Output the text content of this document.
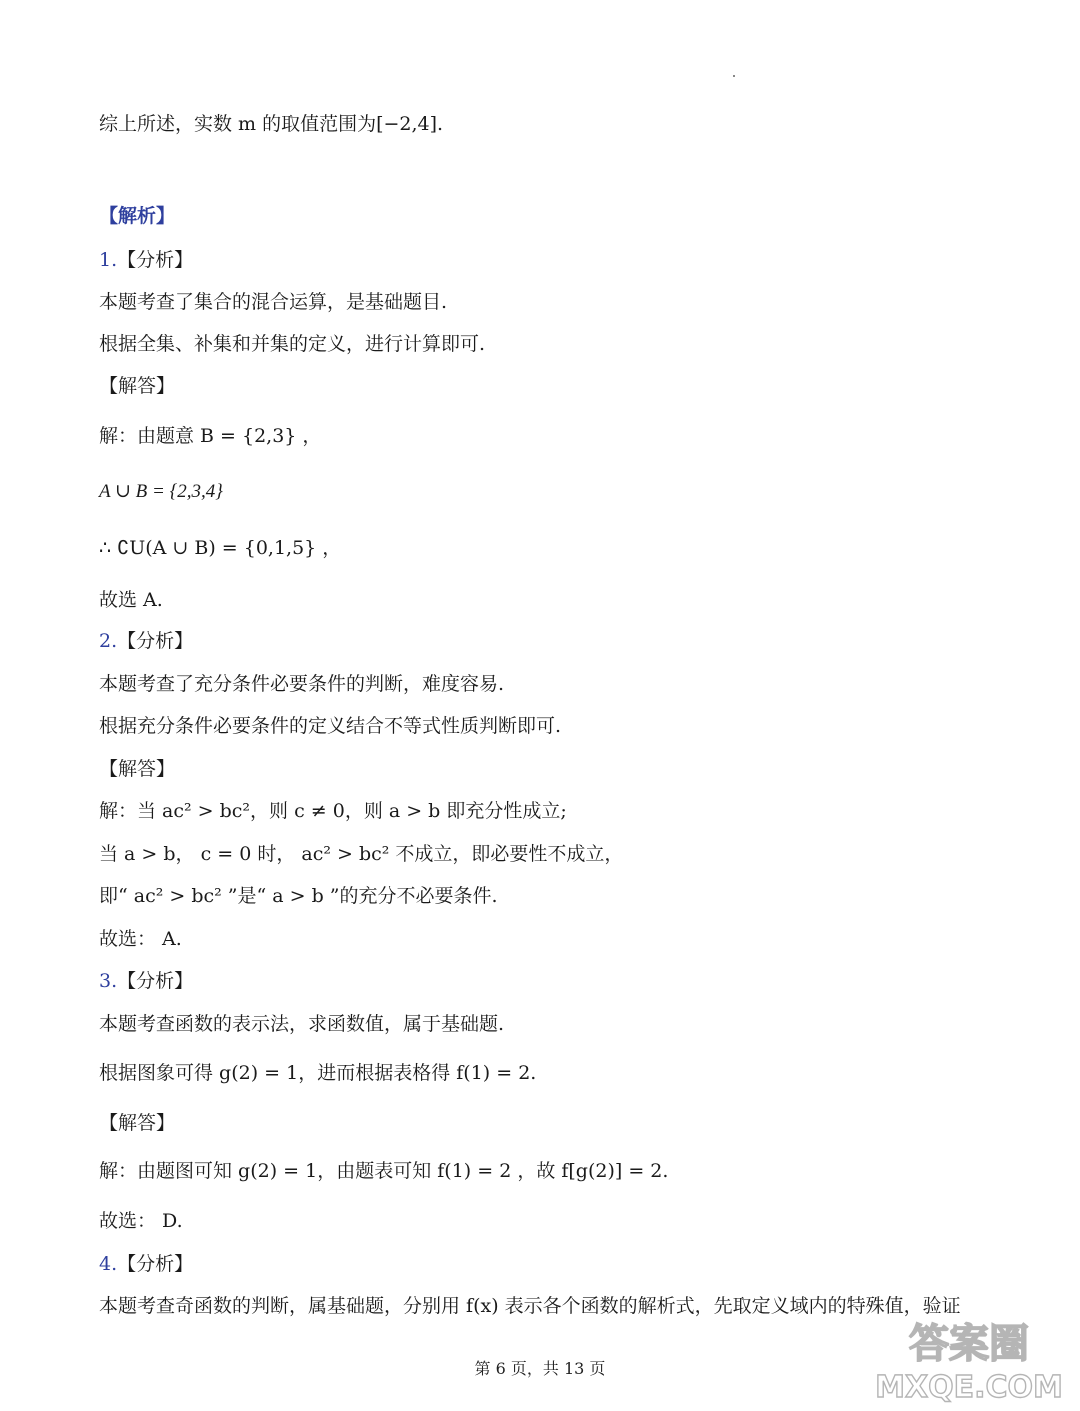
综上所述，实数 m 的取值范围为[−2,4].
【解析】
1.【分析】
本题考查了集合的混合运算，是基础题目.
根据全集、补集和并集的定义，进行计算即可.
【解答】
解：由题意 B = {2,3} ，
A ∪ B = {2,3,4}
∴ ∁U(A ∪ B) = {0,1,5} ，
故选 A.
2.【分析】
本题考查了充分条件必要条件的判断，难度容易.
根据充分条件必要条件的定义结合不等式性质判断即可.
【解答】
解：当 ac² > bc²，则 c ≠ 0，则 a > b 即充分性成立;
当 a > b， c = 0 时， ac² > bc² 不成立，即必要性不成立，
即“ ac² > bc² ”是“ a > b ”的充分不必要条件.
故选： A.
3.【分析】
本题考查函数的表示法，求函数值，属于基础题.
根据图象可得 g(2) = 1，进而根据表格得 f(1) = 2.
【解答】
解：由题图可知 g(2) = 1，由题表可知 f(1) = 2 ，故 f[g(2)] = 2.
故选： D.
4.【分析】
本题考查奇函数的判断，属基础题，分别用 f(x) 表示各个函数的解析式，先取定义域内的特殊值，验证
第 6 页，共 13 页
答案圈
MXQE.COM
